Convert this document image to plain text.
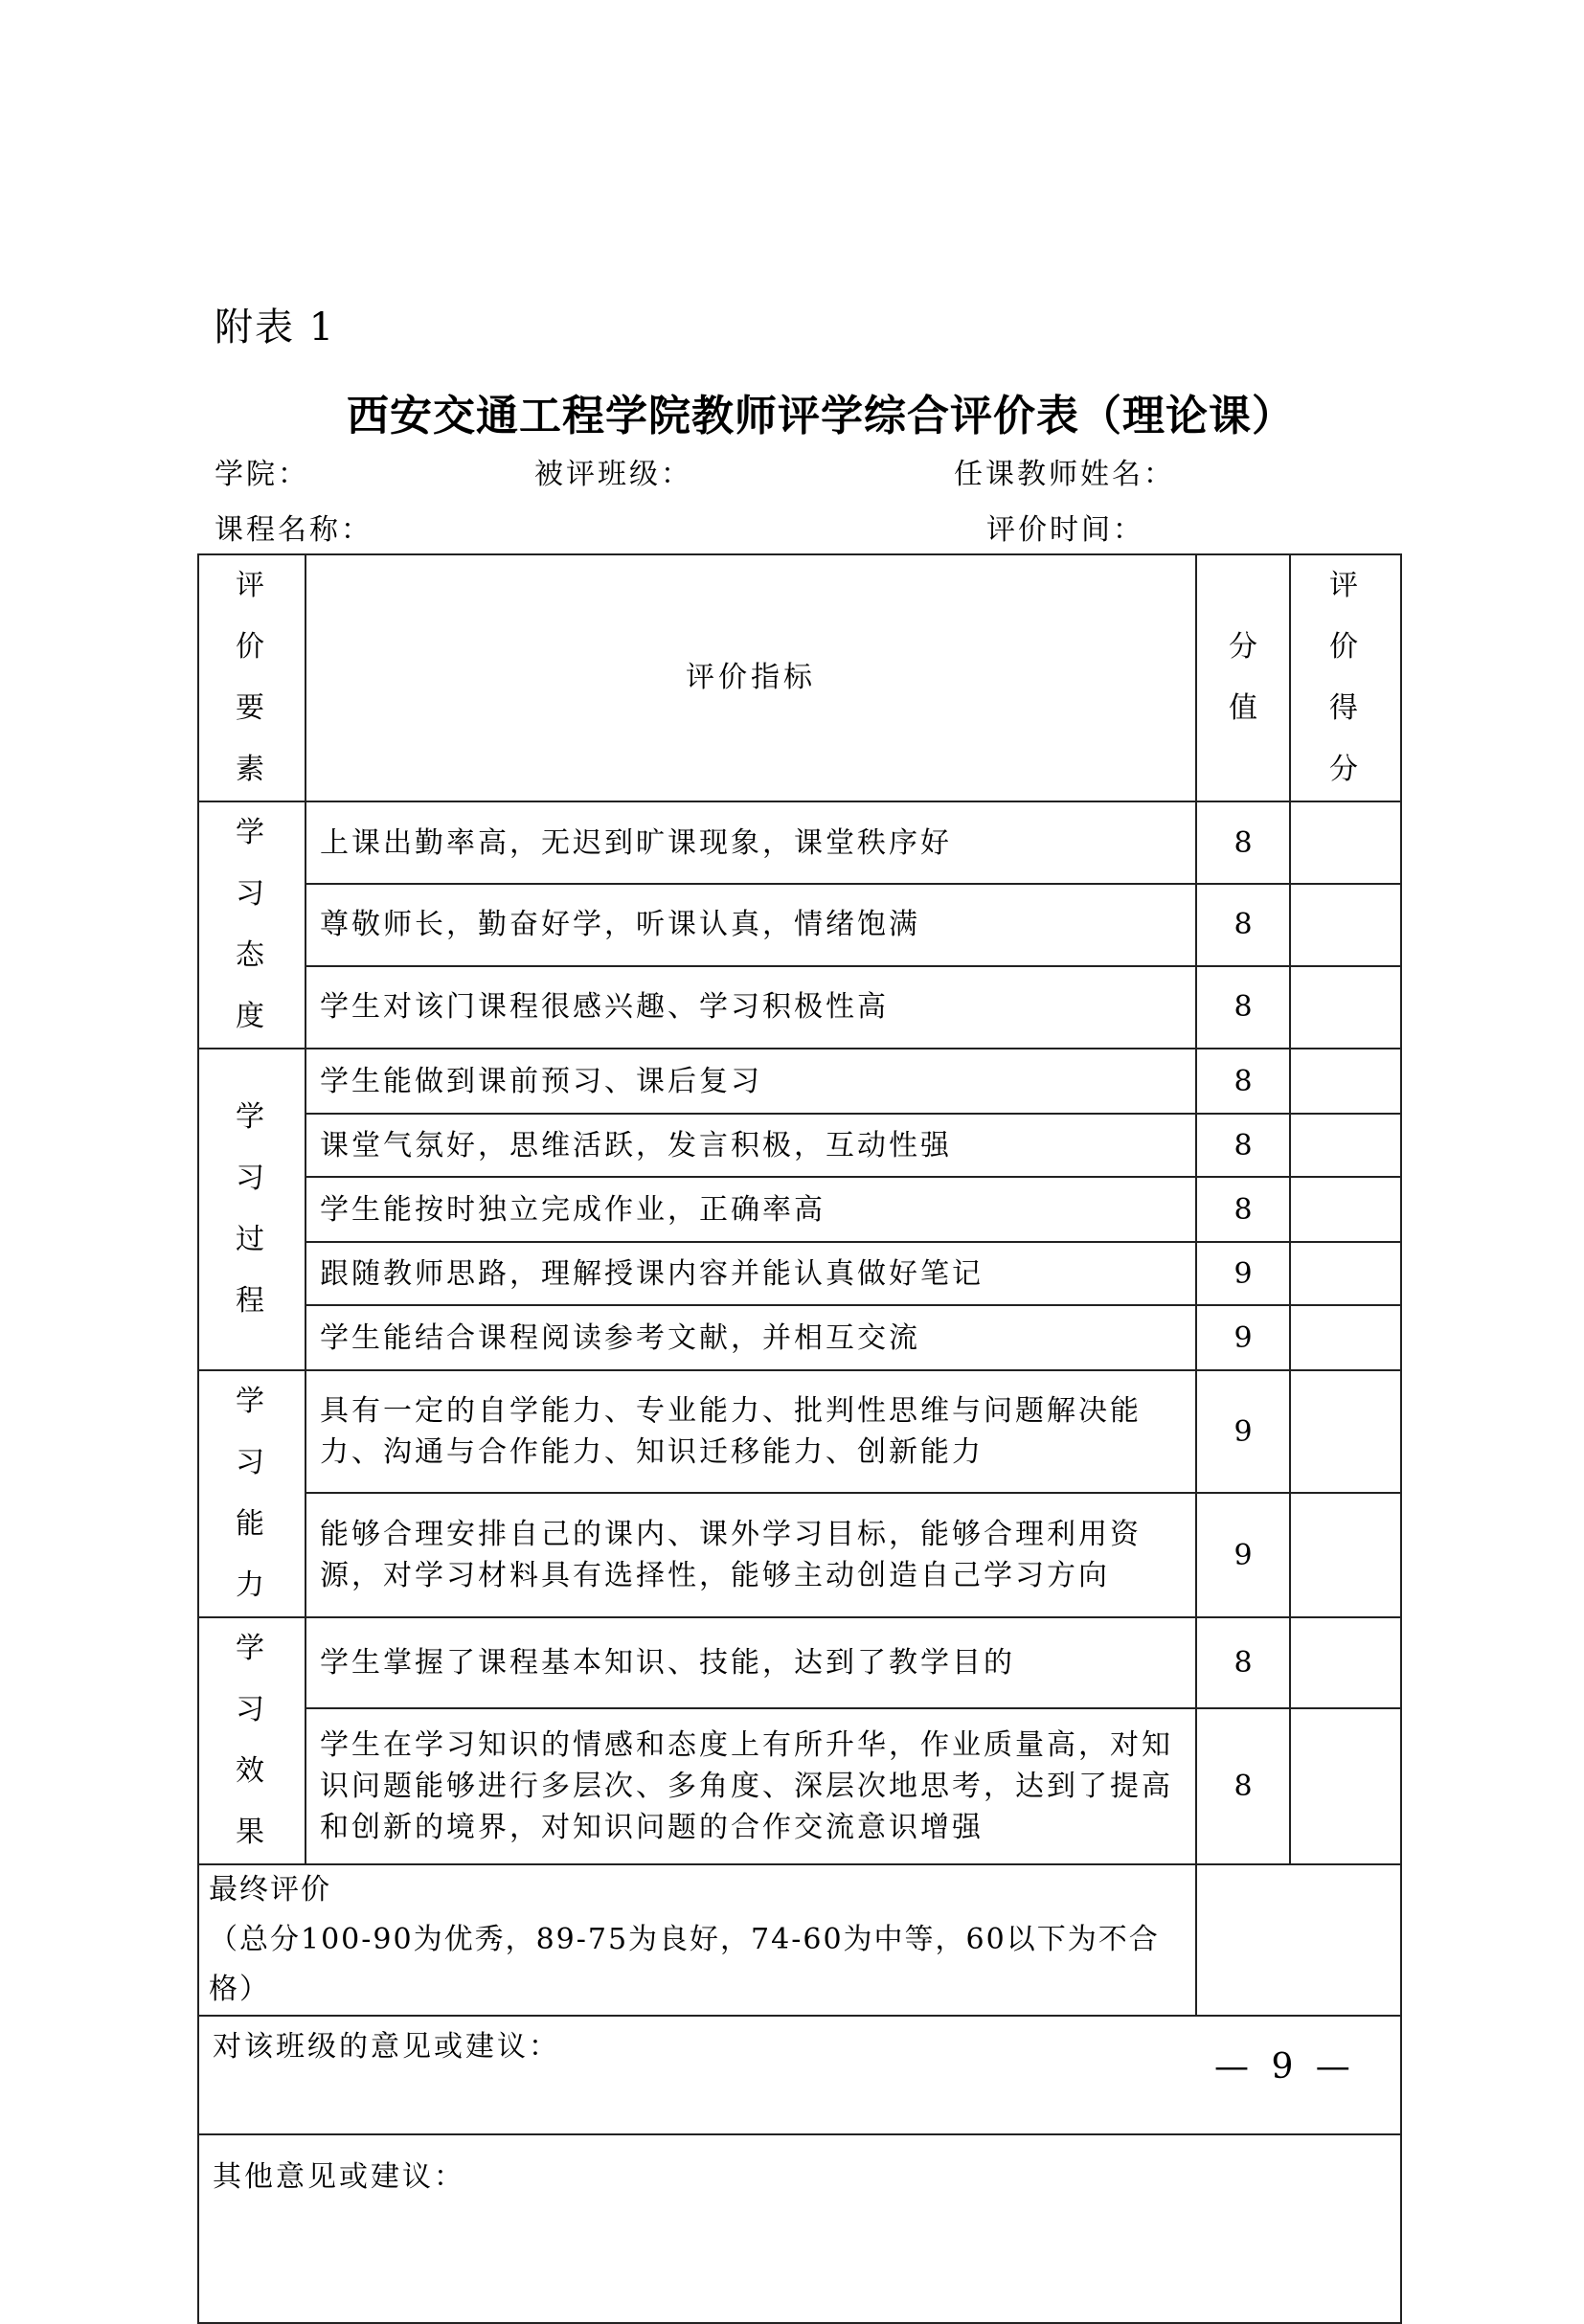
附表 1
西安交通工程学院教师评学综合评价表（理论课）
学院：	被评班级：	任课教师姓名：
课程名称：	评价时间：
评价要素	评价指标	分值	评价得分
学习态度	上课出勤率高，无迟到旷课现象，课堂秩序好	8	
	尊敬师长，勤奋好学，听课认真，情绪饱满	8	
	学生对该门课程很感兴趣、学习积极性高	8	
学习过程	学生能做到课前预习、课后复习	8	
	课堂气氛好，思维活跃，发言积极，互动性强	8	
	学生能按时独立完成作业，正确率高	8	
	跟随教师思路，理解授课内容并能认真做好笔记	9	
	学生能结合课程阅读参考文献，并相互交流	9	
学习能力	具有一定的自学能力、专业能力、批判性思维与问题解决能力、沟通与合作能力、知识迁移能力、创新能力	9	
	能够合理安排自己的课内、课外学习目标，能够合理利用资源，对学习材料具有选择性，能够主动创造自己学习方向	9	
学习效果	学生掌握了课程基本知识、技能，达到了教学目的	8	
	学生在学习知识的情感和态度上有所升华，作业质量高，对知识问题能够进行多层次、多角度、深层次地思考，达到了提高和创新的境界，对知识问题的合作交流意识增强	8	

最终评价
（总分100-90为优秀，89-75为良好，74-60为中等，60以下为不合格）			

对该班级的意见或建议：			
其他意见或建议：			
— 9 —
